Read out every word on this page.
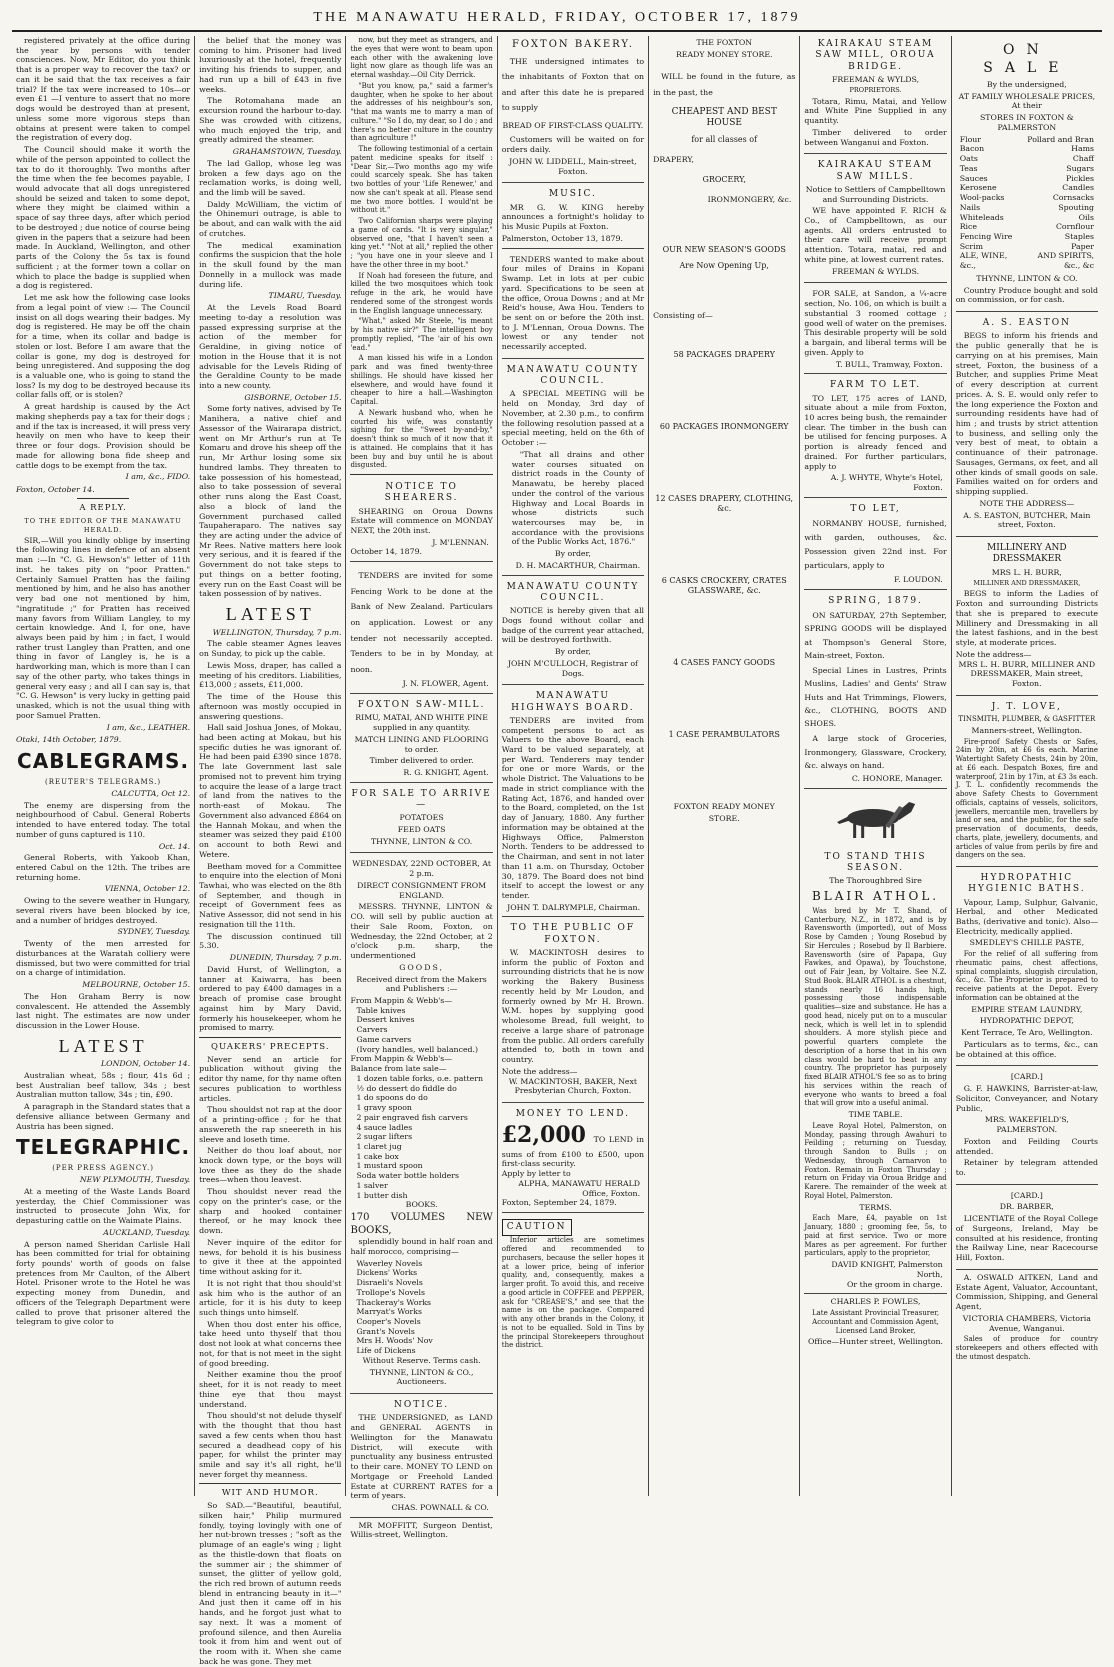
THE MANAWATU HERALD, FRIDAY, OCTOBER 17, 1879

registered privately at the office during the year by persons with tender consciences. Now, Mr Editor, do you think that is a proper way to recover the tax? or can it be said that the tax receives a fair trial? If the tax were increased to 10s—or even £1 —I venture to assert that no more dogs would be destroyed than at present, unless some more vigorous steps than obtains at present were taken to compel the registration of every dog.

The Council should make it worth the while of the person appointed to collect the tax to do it thoroughly. Two months after the time when the fee becomes payable, I would advocate that all dogs unregistered should be seized and taken to some depot, where they might be claimed within a space of say three days, after which period to be destroyed ; due notice of course being given in the papers that a seizure had been made. In Auckland, Wellington, and other parts of the Colony the 5s tax is found sufficient ; at the former town a collar on which to place the badge is supplied when a dog is registered.

Let me ask how the following case looks from a legal point of view :— The Council insist on all dogs wearing their badges. My dog is registered. He may be off the chain for a time, when its collar and badge is stolen or lost. Before I am aware that the collar is gone, my dog is destroyed for being unregistered. And supposing the dog is a valuable one, who is going to stand the loss? Is my dog to be destroyed because its collar falls off, or is stolen?

A great hardship is caused by the Act making shepherds pay a tax for their dogs ; and if the tax is increased, it will press very heavily on men who have to keep their three or four dogs. Provision should be made for allowing bona fide sheep and cattle dogs to be exempt from the tax.

I am, &c., FIDO.

Foxton, October 14.

A REPLY.
TO THE EDITOR OF THE MANAWATU HERALD.

SIR,—Will you kindly oblige by inserting the following lines in defence of an absent man :—In "C. G. Hewson's" letter of 11th inst. he takes pity on "poor Pratten." Certainly Samuel Pratten has the failing mentioned by him, and he also has another very bad one not mentioned by him, "ingratitude ;" for Pratten has received many favors from William Langley, to my certain knowledge. And I, for one, have always been paid by him ; in fact, I would rather trust Langley than Pratten, and one thing in favor of Langley is, he is a hardworking man, which is more than I can say of the other party, who takes things in general very easy ; and all I can say is, that "C. G. Hewson" is very lucky in getting paid unasked, which is not the usual thing with poor Samuel Pratten.

I am, &c., LEATHER.

Otaki, 14th October, 1879.

CABLEGRAMS.
(REUTER'S TELEGRAMS.)

CALCUTTA, Oct 12.

The enemy are dispersing from the neighbourhood of Cabul. General Roberts intended to have entered today. The total number of guns captured is 110.

Oct. 14.

General Roberts, with Yakoob Khan, entered Cabul on the 12th. The tribes are returning home.

VIENNA, October 12.

Owing to the severe weather in Hungary, several rivers have been blocked by ice, and a number of bridges destroyed.

SYDNEY, Tuesday.

Twenty of the men arrested for disturbances at the Waratah colliery were dismissed, but two were committed for trial on a charge of intimidation.

MELBOURNE, October 15.

The Hon Graham Berry is now convalescent. He attended the Assembly last night. The estimates are now under discussion in the Lower House.

LATEST

LONDON, October 14.

Australian wheat, 58s ; flour, 41s 6d ; best Australian beef tallow, 34s ; best Australian mutton tallow, 34s ; tin, £90.

A paragraph in the Standard states that a defensive alliance between Germany and Austria has been signed.

TELEGRAPHIC.
(PER PRESS AGENCY.)

NEW PLYMOUTH, Tuesday.

At a meeting of the Waste Lands Board yesterday, the Chief Commissioner was instructed to prosecute John Wix, for depasturing cattle on the Waimate Plains.

AUCKLAND, Tuesday.

A person named Sheridan Carlisle Hall has been committed for trial for obtaining forty pounds' worth of goods on false pretences from Mr Caulton, of the Albert Hotel. Prisoner wrote to the Hotel he was expecting money from Dunedin, and officers of the Telegraph Department were called to prove that prisoner altered the telegram to give color to

the belief that the money was coming to him. Prisoner had lived luxuriously at the hotel, frequently inviting his friends to supper, and had run up a bill of £43 in five weeks.

The Rotomahana made an excursion round the harbour to-day. She was crowded with citizens, who much enjoyed the trip, and greatly admired the steamer.

GRAHAMSTOWN, Tuesday.

The lad Gallop, whose leg was broken a few days ago on the reclamation works, is doing well, and the limb will be saved.

Daldy McWilliam, the victim of the Ohinemuri outrage, is able to be about, and can walk with the aid of crutches.

The medical examination confirms the suspicion that the hole in the skull found by the man Donnelly in a mullock was made during life.

TIMARU, Tuesday.

At the Levels Road Board meeting to-day a resolution was passed expressing surprise at the action of the member for Geraldine, in giving notice of motion in the House that it is not advisable for the Levels Riding of the Geraldine County to be made into a new county.

GISBORNE, October 15.

Some forty natives, advised by Te Manihera, a native chief and Assessor of the Wairarapa district, went on Mr Arthur's run at Te Komaru and drove his sheep off the run, Mr Arthur losing some six hundred lambs. They threaten to take possession of his homestead, also to take possession of several other runs along the East Coast, also a block of land the Government purchased called Taupaheraparo. The natives say they are acting under the advice of Mr Rees. Native matters here look very serious, and it is feared if the Government do not take steps to put things on a better footing, every run on the East Coast will be taken possession of by natives.

LATEST

WELLINGTON, Thursday, 7 p.m.

The cable steamer Agnes leaves on Sunday, to pick up the cable.

Lewis Moss, draper, has called a meeting of his creditors. Liabilities, £13,000 ; assets, £11,000.

The time of the House this afternoon was mostly occupied in answering questions.

Hall said Joshua Jones, of Mokau, had been acting at Mokau, but his specific duties he was ignorant of. He had been paid £390 since 1878. The late Government last sale promised not to prevent him trying to acquire the lease of a large tract of land from the natives to the north-east of Mokau. The Government also advanced £864 on the Hannah Mokau, and when the steamer was seized they paid £100 on account to both Rewi and Wetere.

Beetham moved for a Committee to enquire into the election of Moni Tawhai, who was elected on the 8th of September, and though in receipt of Government fees as Native Assessor, did not send in his resignation till the 11th.

The discussion continued till 5.30.

DUNEDIN, Thursday, 7 p.m.

David Hurst, of Wellington, a tanner at Kaiwarra, has been ordered to pay £400 damages in a breach of promise case brought against him by Mary David, formerly his housekeeper, whom he promised to marry.

QUAKERS' PRECEPTS.

Never send an article for publication without giving the editor thy name, for thy name often secures publication to worthless articles.

Thou shouldst not rap at the door of a printing-office ; for he that answereth the rap sneereth in his sleeve and loseth time.

Neither do thou loaf about, nor knock down type, or the boys will love thee as they do the shade trees—when thou leavest.

Thou shouldst never read the copy on the printer's case, or the sharp and hooked container thereof, or he may knock thee down.

Never inquire of the editor for news, for behold it is his business to give it thee at the appointed time without asking for it.

It is not right that thou should'st ask him who is the author of an article, for it is his duty to keep such things unto himself.

When thou dost enter his office, take heed unto thyself that thou dost not look at what concerns thee not, for that is not meet in the sight of good breeding.

Neither examine thou the proof sheet, for it is not ready to meet thine eye that thou mayst understand.

Thou should'st not delude thyself with the thought that thou hast saved a few cents when thou hast secured a deadhead copy of his paper, for whilst the printer may smile and say it's all right, he'll never forget thy meanness.

WIT AND HUMOR.

So SAD.—"Beautiful, beautiful, silken hair," Philip murmured fondly, toying lovingly with one of her nut-brown tresses ; "soft as the plumage of an eagle's wing ; light as the thistle-down that floats on the summer air ; the shimmer of sunset, the glitter of yellow gold, the rich red brown of autumn reeds blend in entrancing beauty in it—" And just then it came off in his hands, and he forgot just what to say next. It was a moment of profound silence, and then Aurelia took it from him and went out of the room with it. When she came back he was gone. They met

now, but they meet as strangers, and the eyes that were wont to beam upon each other with the awakening love light now glare as though life was an eternal washday.—Oil City Derrick.

"But you know, pa," said a farmer's daughter, when he spoke to her about the addresses of his neighbour's son, "that ma wants me to marry a man of culture." "So I do, my dear, so I do ; and there's no better culture in the country than agriculture !"

The following testimonial of a certain patent medicine speaks for itself : "Dear Sir,—Two months ago my wife could scarcely speak. She has taken two bottles of your 'Life Renewer,' and now she can't speak at all. Please send me two more bottles. I would'nt be without it."

Two Californian sharps were playing a game of cards. "It is very singular," observed one, "that I haven't seen a king yet." "Not at all," replied the other ; "you have one in your sleeve and I have the other three in my boot."

If Noah had foreseen the future, and killed the two mosquitoes which took refuge in the ark, he would have rendered some of the strongest words in the English language unnecessary.

"What," asked Mr Steele, "is meant by his native sir?" The intelligent boy promptly replied, "The 'air of his own 'ead."

A man kissed his wife in a London park and was fined twenty-three shillings. He should have kissed her elsewhere, and would have found it cheaper to hire a hall.—Washington Capital.

A Newark husband who, when he courted his wife, was constantly sighing for the "Sweet by-and-by," doesn't think so much of it now that it is attained. He complains that it has been buy and buy until he is about disgusted.

NOTICE TO SHEARERS.

SHEARING on Oroua Downs Estate will commence on MONDAY NEXT, the 20th inst.

J. M'LENNAN.
October 14, 1879.

TENDERS are invited for some Fencing Work to be done at the Bank of New Zealand. Particulars on application. Lowest or any tender not necessarily accepted. Tenders to be in by Monday, at noon.

J. N. FLOWER, Agent.
FOXTON SAW-MILL.
RIMU, MATAI, AND WHITE PINE supplied in any quantity.
MATCH LINING AND FLOORING to order.
Timber delivered to order.
R. G. KNIGHT, Agent.
FOR SALE TO ARRIVE—
POTATOES
FEED OATS
THYNNE, LINTON & CO.
WEDNESDAY, 22ND OCTOBER, At 2 p.m.
DIRECT CONSIGNMENT FROM ENGLAND.

MESSRS. THYNNE, LINTON & CO. will sell by public auction at their Sale Room, Foxton, on Wednesday, the 22nd October, at 2 o'clock p.m. sharp, the undermentioned

GOODS,
Received direct from the Makers and Publishers :—
From Mappin & Webb's—
Table knives
Dessert knives
Carvers
Game carvers
(Ivory handles, well balanced.)
From Mappin & Webb's—
Balance from late sale—
1 dozen table forks, o.e. pattern
½ do dessert do fiddle do
1 do spoons do do
1 gravy spoon
2 pair engraved fish carvers
4 sauce ladles
2 sugar lifters
1 claret jug
1 cake box
1 mustard spoon
Soda water bottle holders
1 salver
1 butter dish
BOOKS.
170 VOLUMES NEW BOOKS,

splendidly bound in half roan and half morocco, comprising—

Waverley Novels
Dickens' Works
Disraeli's Novels
Trollope's Novels
Thackeray's Works
Marryat's Works
Cooper's Novels
Grant's Novels
Mrs H. Woods' Nov
Life of Dickens
Without Reserve. Terms cash.
THYNNE, LINTON & CO., Auctioneers.
NOTICE.

THE UNDERSIGNED, as LAND and GENERAL AGENTS in Wellington for the Manawatu District, will execute with punctuality any business entrusted to their care. MONEY TO LEND on Mortgage or Freehold Landed Estate at CURRENT RATES for a term of years.

CHAS. POWNALL & CO.

MR MOFFITT, Surgeon Dentist, Willis-street, Wellington.

FOXTON BAKERY.

THE undersigned intimates to the inhabitants of Foxton that on and after this date he is prepared to supply

BREAD OF FIRST-CLASS QUALITY.

Customers will be waited on for orders daily.

JOHN W. LIDDELL, Main-street, Foxton.
MUSIC.

MR G. W. KING hereby announces a fortnight's holiday to his Music Pupils at Foxton.

Palmerston, October 13, 1879.

TENDERS wanted to make about four miles of Drains in Kopani Swamp. Let in lots at per cubic yard. Specifications to be seen at the office, Oroua Downs ; and at Mr Reid's house, Awa Hou. Tenders to be sent on or before the 20th inst. to J. M'Lennan, Oroua Downs. The lowest or any tender not necessarily accepted.

MANAWATU COUNTY COUNCIL.

A SPECIAL MEETING will be held on Monday, 3rd day of November, at 2.30 p.m., to confirm the following resolution passed at a special meeting, held on the 6th of October :—

"That all drains and other water courses situated on district roads in the County of Manawatu, be hereby placed under the control of the various Highway and Local Boards in whose districts such watercourses may be, in accordance with the provisions of the Public Works Act, 1876."

By order,
D. H. MACARTHUR, Chairman.
MANAWATU COUNTY COUNCIL.

NOTICE is hereby given that all Dogs found without collar and badge of the current year attached, will be destroyed forthwith.

By order,
JOHN M'CULLOCH, Registrar of Dogs.
MANAWATU HIGHWAYS BOARD.

TENDERS are invited from competent persons to act as Valuers to the above Board, each Ward to be valued separately, at per Ward. Tenderers may tender for one or more Wards, or the whole District. The Valuations to be made in strict compliance with the Rating Act, 1876, and handed over to the Board, completed, on the 1st day of January, 1880. Any further information may be obtained at the Highways Office, Palmerston North. Tenders to be addressed to the Chairman, and sent in not later than 11 a.m. on Thursday, October 30, 1879. The Board does not bind itself to accept the lowest or any tender.

JOHN T. DALRYMPLE, Chairman.
TO THE PUBLIC OF FOXTON.

W. MACKINTOSH desires to inform the public of Foxton and surrounding districts that he is now working the Bakery Business recently held by Mr Loudon, and formerly owned by Mr H. Brown. W.M. hopes by supplying good wholesome Bread, full weight, to receive a large share of patronage from the public. All orders carefully attended to, both in town and country.

Note the address—
W. MACKINTOSH, BAKER, Next Presbyterian Church, Foxton.
MONEY TO LEND.
£2,000 TO LEND in sums of from £100 to £500, upon first-class security.
Apply by letter to
ALPHA, MANAWATU HERALD Office, Foxton.
Foxton, September 24, 1879.
CAUTION

Inferior articles are sometimes offered and recommended to purchasers, because the seller hopes it at a lower price, being of inferior quality, and, consequently, makes a larger profit. To avoid this, and receive a good article in COFFEE and PEPPER, ask for "CREASE'S," and see that the name is on the package. Compared with any other brands in the Colony, it is not to be equalled. Sold in Tins by the principal Storekeepers throughout the district.

THE FOXTON
READY MONEY STORE.

WILL be found in the future, as in the past, the

CHEAPEST AND BEST HOUSE
for all classes of
DRAPERY,
GROCERY,
IRONMONGERY, &c.
OUR NEW SEASON'S GOODS
Are Now Opening Up,
Consisting of—
58 PACKAGES DRAPERY
60 PACKAGES IRONMONGERY
12 CASES DRAPERY, CLOTHING, &c.
6 CASKS CROCKERY, CRATES GLASSWARE, &c.
4 CASES FANCY GOODS
1 CASE PERAMBULATORS
FOXTON READY MONEY
STORE.
KAIRAKAU STEAM SAW MILL, OROUA BRIDGE.
FREEMAN & WYLDS,
PROPRIETORS.

Totara, Rimu, Matai, and Yellow and White Pine Supplied in any quantity.

Timber delivered to order between Wanganui and Foxton.

KAIRAKAU STEAM SAW MILLS.
Notice to Settlers of Campbelltown and Surrounding Districts.

WE have appointed F. RICH & Co., of Campbelltown, as our agents. All orders entrusted to their care will receive prompt attention. Totara, matai, red and white pine, at lowest current rates.

FREEMAN & WYLDS.

FOR SALE, at Sandon, a ¼-acre section, No. 106, on which is built a substantial 3 roomed cottage ; good well of water on the premises. This desirable property will be sold a bargain, and liberal terms will be given. Apply to

T. BULL, Tramway, Foxton.
FARM TO LET.

TO LET, 175 acres of LAND, situate about a mile from Foxton, 10 acres being bush, the remainder clear. The timber in the bush can be utilised for fencing purposes. A portion is already fenced and drained. For further particulars, apply to

A. J. WHYTE, Whyte's Hotel, Foxton.
TO LET,

NORMANBY HOUSE, furnished, with garden, outhouses, &c. Possession given 22nd inst. For particulars, apply to

F. LOUDON.
SPRING, 1879.

ON SATURDAY, 27th September, SPRING GOODS will be displayed at Thompson's General Store, Main-street, Foxton.

Special Lines in Lustres, Prints Muslins, Ladies' and Gents' Straw Huts and Hat Trimmings, Flowers, &c., CLOTHING, BOOTS AND SHOES.

A large stock of Groceries, Ironmongery, Glassware, Crockery, &c. always on hand.

C. HONORE, Manager.
TO STAND THIS SEASON.
The Thoroughbred Sire
BLAIR ATHOL.

Was bred by Mr T. Shand, of Canterbury, N.Z., in 1872, and is by Ravensworth (imported), out of Moss Rose by Camden ; Young Rosebud by Sir Hercules ; Rosebud by Il Barbiere. Ravensworth (sire of Papapa, Guy Fawkes, and Opawa), by Touchstone, out of Fair Jean, by Voltaire. See N.Z. Stud Book. BLAIR ATHOL is a chestnut, stands nearly 16 hands high, possessing those indispensable qualities—size and substance. He has a good head, nicely put on to a muscular neck, which is well let in to splendid shoulders. A more stylish piece and powerful quarters complete the description of a horse that in his own class would be hard to beat in any country. The proprietor has purposely fixed BLAIR ATHOL'S fee so as to bring his services within the reach of everyone who wants to breed a foal that will grow into a useful animal.

TIME TABLE.

Leave Royal Hotel, Palmerston, on Monday, passing through Awahuri to Feilding ; returning on Tuesday, through Sandon to Bulls ; on Wednesday, through Carnarvon to Foxton. Remain in Foxton Thursday ; return on Friday via Oroua Bridge and Karere. The remainder of the week at Royal Hotel, Palmerston.

TERMS.

Each Mare, £4, payable on 1st January, 1880 ; grooming fee, 5s, to paid at first service. Two or more Mares as per agreement. For further particulars, apply to the proprietor,

DAVID KNIGHT, Palmerston North,
Or the groom in charge.
CHARLES P. FOWLES,
Late Assistant Provincial Treasurer, Accountant and Commission Agent, Licensed Land Broker,
Office—Hunter street, Wellington.
ON SALE
By the undersigned,
AT FAMILY WHOLESALE PRICES, At their
STORES IN FOXTON & PALMERSTON
Flour	Pollard and Bran
Bacon	Hams
Oats	Chaff
Teas	Sugars
Sauces	Pickles
Kerosene	Candles
Wool-packs	Cornsacks
Nails	Spouting
Whiteleads	Oils
Rice	Cornflour
Fencing Wire	Staples
Scrim	Paper
ALE, WINE,	AND SPIRITS,
&c.,	&c., &c
THYNNE, LINTON & CO.

Country Produce bought and sold on commission, or for cash.

A. S. EASTON

BEGS to inform his friends and the public generally that he is carrying on at his premises, Main street, Foxton, the business of a Butcher, and supplies Prime Meat of every description at current prices. A. S. E. would only refer to the long experience the Foxton and surrounding residents have had of him ; and trusts by strict attention to business, and selling only the very best of meat, to obtain a continuance of their patronage. Sausages, Germans, ox feet, and all other kinds of small goods on sale. Families waited on for orders and shipping supplied.

NOTE THE ADDRESS—
A. S. EASTON, BUTCHER, Main street, Foxton.
MILLINERY AND DRESSMAKER
MRS L. H. BURR,
MILLINER AND DRESSMAKER,

BEGS to inform the Ladies of Foxton and surrounding Districts that she is prepared to execute Millinery and Dressmaking in all the latest fashions, and in the best style, at moderate prices.

Note the address—
MRS L. H. BURR, MILLINER AND DRESSMAKER, Main street, Foxton.
J. T. LOVE,
TINSMITH, PLUMBER, & GASFITTER
Manners-street, Wellington.

Fire-proof Safety Chests or Safes, 24in by 20in, at £6 6s each. Marine Watertight Safety Chests, 24in by 20in, at £6 each. Despatch Boxes, fire and waterproof, 21in by 17in, at £3 3s each. J. T. L. confidently recommends the above Safety Chests to Government officials, captains of vessels, solicitors, jewellers, mercantile men, travellers by land or sea, and the public, for the safe preservation of documents, deeds, charts, plate, jewellery, documents, and articles of value from perils by fire and dangers on the sea.

HYDROPATHIC HYGIENIC BATHS.

Vapour, Lamp, Sulphur, Galvanic, Herbal, and other Medicated Baths, (derivative and tonic). Also—Electricity, medically applied.

SMEDLEY'S CHILLE PASTE,

For the relief of all suffering from rheumatic pains, chest affections, spinal complaints, sluggish circulation, &c., &c. The Proprietor is prepared to receive patients at the Depot. Every information can be obtained at the

EMPIRE STEAM LAUNDRY,
HYDROPATHIC DEPOT,
Kent Terrace, Te Aro, Wellington.

Particulars as to terms, &c., can be obtained at this office.

[CARD.]

G. F. HAWKINS, Barrister-at-law, Solicitor, Conveyancer, and Notary Public,

MRS. WAKEFIELD'S, PALMERSTON.

Foxton and Feilding Courts attended.

Retainer by telegram attended to.

[CARD.]
DR. BARBER,

LICENTIATE of the Royal College of Surgeons, Ireland, May be consulted at his residence, fronting the Railway Line, near Racecourse Hill, Foxton.

A. OSWALD AITKEN, Land and Estate Agent, Valuator, Accountant, Commission, Shipping, and General Agent,

VICTORIA CHAMBERS, Victoria Avenue, Wanganui.

Sales of produce for country storekeepers and others effected with the utmost despatch.
